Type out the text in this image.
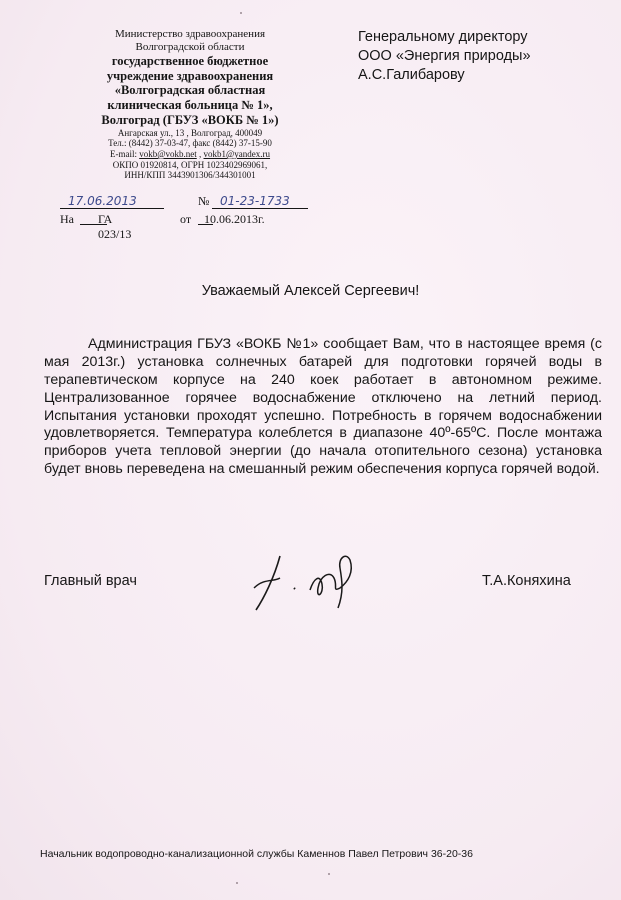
Министерство здравоохранения
Волгоградской области
государственное бюджетное
учреждение здравоохранения
«Волгоградская областная
клиническая больница № 1»,
Волгоград (ГБУЗ «ВОКБ № 1»)
Ангарская ул., 13 , Волгоград, 400049
Тел.: (8442) 37-03-47, факс (8442) 37-15-90
E-mail: vokb@vokb.net , vokb1@yandex.ru
ОКПО 01920814, ОГРН 1023402969061,
ИНН/КПП 3443901306/344301001
17.06.2013	№ 01-23-1733
На
ГА 023/13

от
10.06.2013г.

Генеральному директору
ООО «Энергия природы»
А.С.Галибарову
Уважаемый Алексей Сергеевич!
Администрация ГБУЗ «ВОКБ №1» сообщает Вам, что в настоящее время (с мая 2013г.) установка солнечных батарей для подготовки горячей воды в терапевтическом корпусе на 240 коек работает в автономном режиме. Централизованное горячее водоснабжение отключено на летний период. Испытания установки проходят успешно. Потребность в горячем водоснабжении удовлетворяется. Температура колеблется в диапазоне 40º-65ºС. После монтажа приборов учета тепловой энергии (до начала отопительного сезона) установка будет вновь переведена на смешанный режим обеспечения корпуса горячей водой.
Главный врач	Т.А.Коняхина
Начальник водопроводно-канализационной службы Каменнов Павел Петрович 36-20-36
